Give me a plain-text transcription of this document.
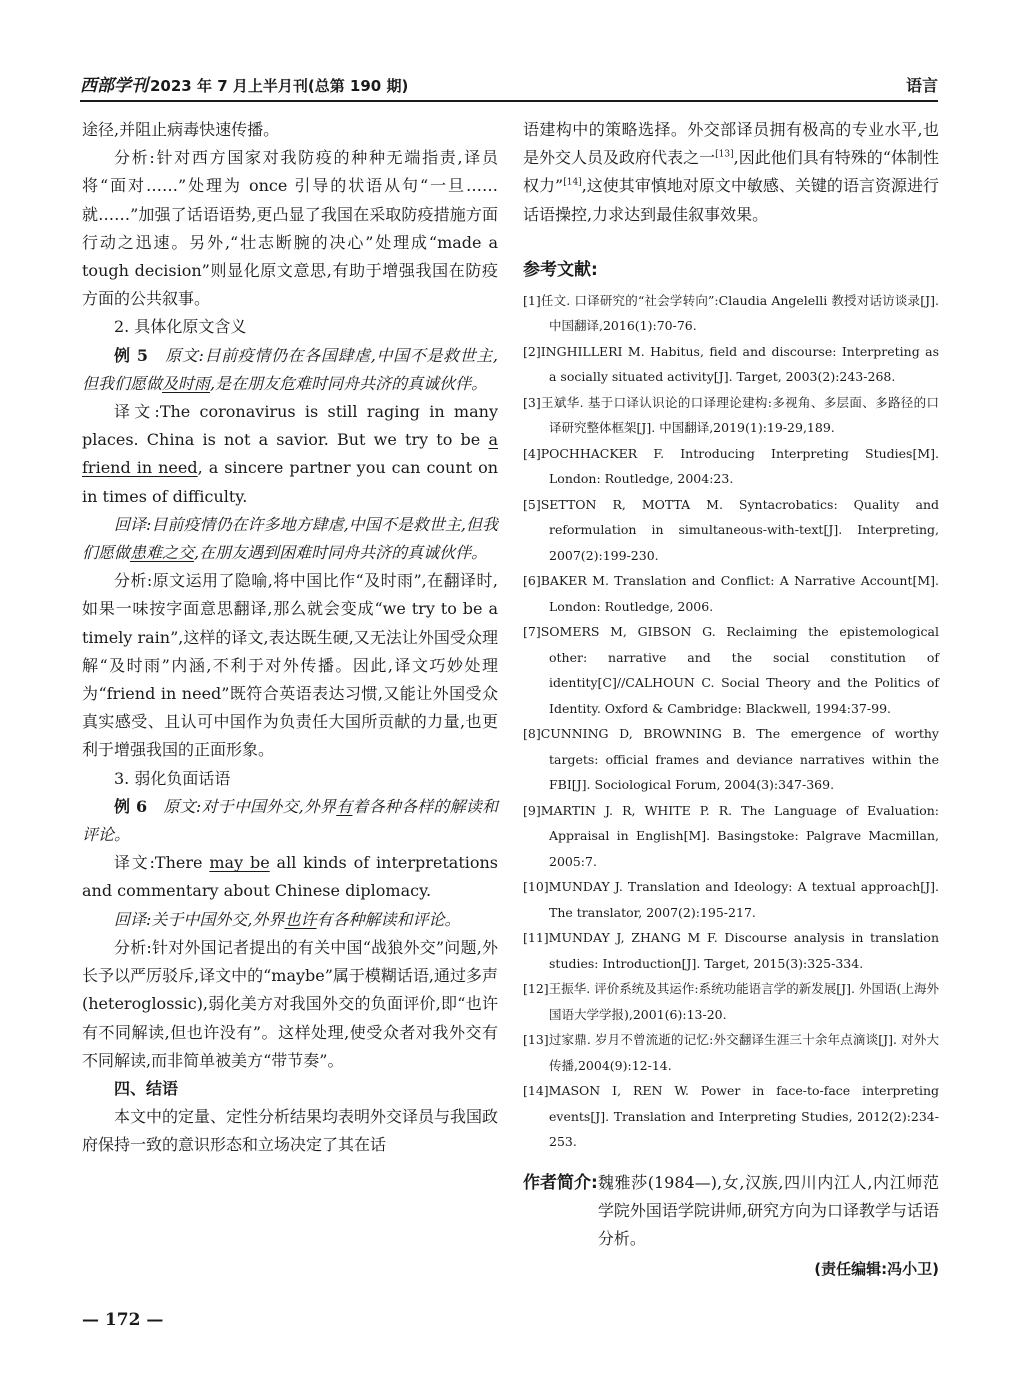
西部学刊 2023 年 7 月上半月刊(总第 190 期)	语言

途径,并阻止病毒快速传播。

分析:针对西方国家对我防疫的种种无端指责,译员将“面对……”处理为 once 引导的状语从句“一旦……就……”加强了话语语势,更凸显了我国在采取防疫措施方面行动之迅速。另外,“壮志断腕的决心”处理成“made a tough decision”则显化原文意思,有助于增强我国在防疫方面的公共叙事。

2. 具体化原文含义

例 5　原文:目前疫情仍在各国肆虐,中国不是救世主,但我们愿做及时雨,是在朋友危难时同舟共济的真诚伙伴。

译文:The coronavirus is still raging in many places. China is not a savior. But we try to be a friend in need, a sincere partner you can count on in times of difficulty.

回译:目前疫情仍在许多地方肆虐,中国不是救世主,但我们愿做患难之交,在朋友遇到困难时同舟共济的真诚伙伴。

分析:原文运用了隐喻,将中国比作“及时雨”,在翻译时,如果一味按字面意思翻译,那么就会变成“we try to be a timely rain”,这样的译文,表达既生硬,又无法让外国受众理解“及时雨”内涵,不利于对外传播。因此,译文巧妙处理为“friend in need”既符合英语表达习惯,又能让外国受众真实感受、且认可中国作为负责任大国所贡献的力量,也更利于增强我国的正面形象。

3. 弱化负面话语

例 6　原文:对于中国外交,外界有着各种各样的解读和评论。

译文:There may be all kinds of interpretations and commentary about Chinese diplomacy.

回译:关于中国外交,外界也许有各种解读和评论。

分析:针对外国记者提出的有关中国“战狼外交”问题,外长予以严厉驳斥,译文中的“maybe”属于模糊话语,通过多声(heteroglossic),弱化美方对我国外交的负面评价,即“也许有不同解读,但也许没有”。这样处理,使受众者对我外交有不同解读,而非简单被美方“带节奏”。

四、结语

本文中的定量、定性分析结果均表明外交译员与我国政府保持一致的意识形态和立场决定了其在话

语建构中的策略选择。外交部译员拥有极高的专业水平,也是外交人员及政府代表之一[13],因此他们具有特殊的“体制性权力”[14],这使其审慎地对原文中敏感、关键的语言资源进行话语操控,力求达到最佳叙事效果。

参考文献:

[1]任文. 口译研究的“社会学转向”:Claudia Angelelli 教授对话访谈录[J]. 中国翻译,2016(1):70-76.

[2]INGHILLERI M. Habitus, field and discourse: Interpreting as a socially situated activity[J]. Target, 2003(2):243-268.

[3]王斌华. 基于口译认识论的口译理论建构:多视角、多层面、多路径的口译研究整体框架[J]. 中国翻译,2019(1):19-29,189.

[4]POCHHACKER F. Introducing Interpreting Studies[M]. London: Routledge, 2004:23.

[5]SETTON R, MOTTA M. Syntacrobatics: Quality and reformulation in simultaneous-with-text[J]. Interpreting, 2007(2):199-230.

[6]BAKER M. Translation and Conflict: A Narrative Account[M]. London: Routledge, 2006.

[7]SOMERS M, GIBSON G. Reclaiming the epistemological other: narrative and the social constitution of identity[C]//CALHOUN C. Social Theory and the Politics of Identity. Oxford & Cambridge: Blackwell, 1994:37-99.

[8]CUNNING D, BROWNING B. The emergence of worthy targets: official frames and deviance narratives within the FBI[J]. Sociological Forum, 2004(3):347-369.

[9]MARTIN J. R, WHITE P. R. The Language of Evaluation: Appraisal in English[M]. Basingstoke: Palgrave Macmillan, 2005:7.

[10]MUNDAY J. Translation and Ideology: A textual approach[J]. The translator, 2007(2):195-217.

[11]MUNDAY J, ZHANG M F. Discourse analysis in translation studies: Introduction[J]. Target, 2015(3):325-334.

[12]王振华. 评价系统及其运作:系统功能语言学的新发展[J]. 外国语(上海外国语大学学报),2001(6):13-20.

[13]过家鼎. 岁月不曾流逝的记忆:外交翻译生涯三十余年点滴谈[J]. 对外大传播,2004(9):12-14.

[14]MASON I, REN W. Power in face-to-face interpreting events[J]. Translation and Interpreting Studies, 2012(2):234-253.

作者简介: 魏雅莎(1984—),女,汉族,四川内江人,内江师范学院外国语学院讲师,研究方向为口译教学与话语分析。
(责任编辑:冯小卫)
— 172 —
